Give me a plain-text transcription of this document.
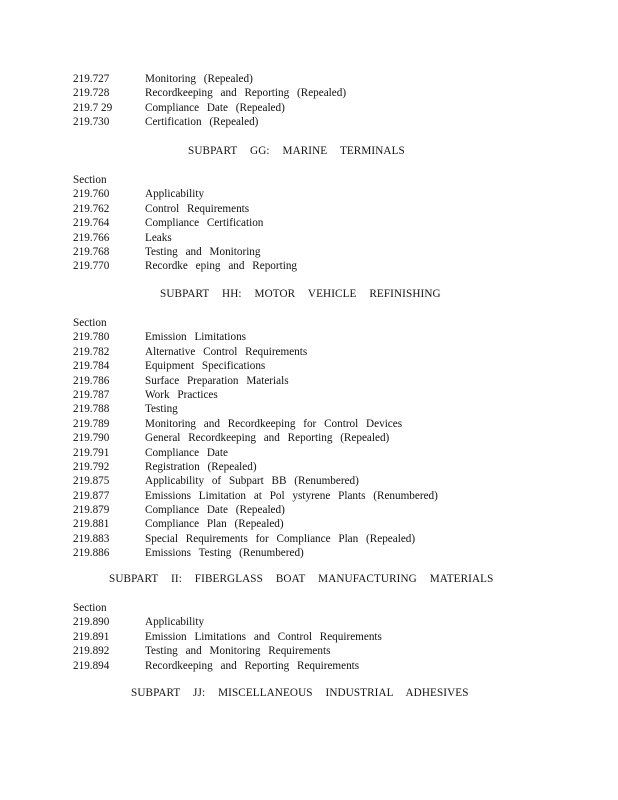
219.727	Monitoring (Repealed)
219.728	Recordkeeping and Reporting (Repealed)
219.7 29	Compliance Date (Repealed)
219.730	Certification (Repealed)
SUBPART GG: MARINE TERMINALS
Section
219.760	Applicability
219.762	Control Requirements
219.764	Compliance Certification
219.766	Leaks
219.768	Testing and Monitoring
219.770	Recordke eping and Reporting
SUBPART HH: MOTOR VEHICLE REFINISHING
Section
219.780	Emission Limitations
219.782	Alternative Control Requirements
219.784	Equipment Specifications
219.786	Surface Preparation Materials
219.787	Work Practices
219.788	Testing
219.789	Monitoring and Recordkeeping for Control Devices
219.790	General Recordkeeping and Reporting (Repealed)
219.791	Compliance Date
219.792	Registration (Repealed)
219.875	Applicability of Subpart BB (Renumbered)
219.877	Emissions Limitation at Pol ystyrene Plants (Renumbered)
219.879	Compliance Date (Repealed)
219.881	Compliance Plan (Repealed)
219.883	Special Requirements for Compliance Plan (Repealed)
219.886	Emissions Testing (Renumbered)
SUBPART II: FIBERGLASS BOAT MANUFACTURING MATERIALS
Section
219.890	Applicability
219.891	Emission Limitations and Control Requirements
219.892	Testing and Monitoring Requirements
219.894	Recordkeeping and Reporting Requirements
SUBPART JJ: MISCELLANEOUS INDUSTRIAL ADHESIVES
